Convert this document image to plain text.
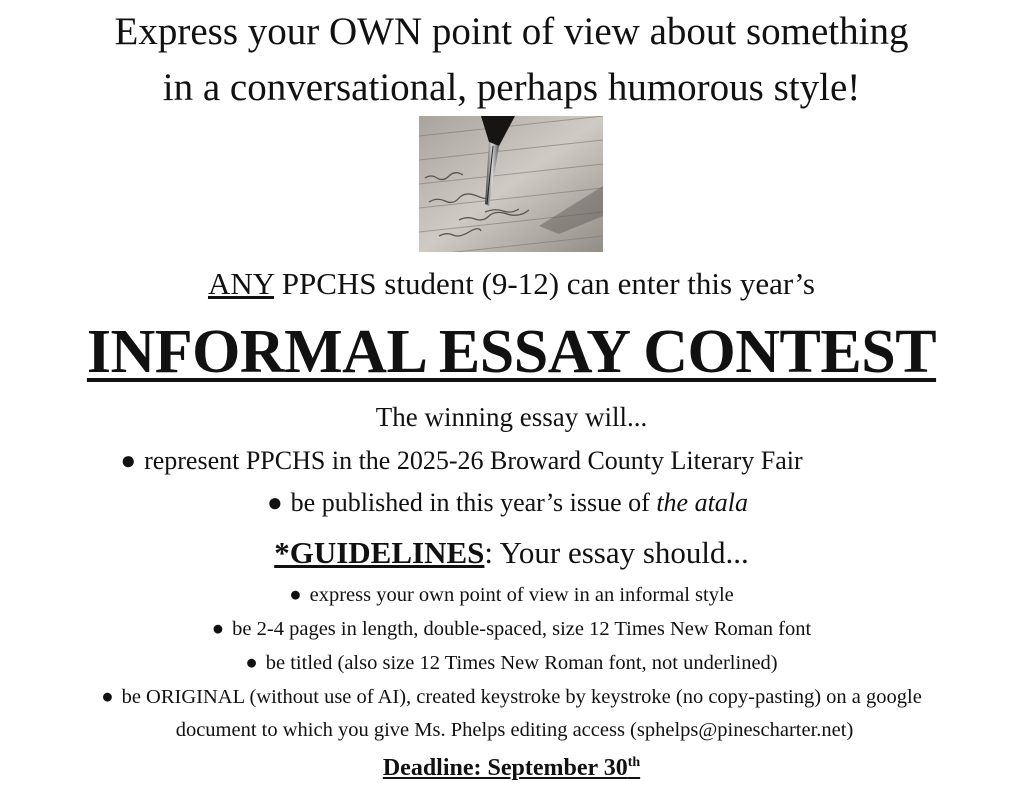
Express your OWN point of view about something
in a conversational, perhaps humorous style!
ANY PPCHS student (9-12) can enter this year’s
INFORMAL ESSAY CONTEST
The winning essay will...
● represent PPCHS in the 2025-26 Broward County Literary Fair
● be published in this year’s issue of the atala
*GUIDELINES: Your essay should...
● express your own point of view in an informal style
● be 2-4 pages in length, double-spaced, size 12 Times New Roman font
● be titled (also size 12 Times New Roman font, not underlined)
● be ORIGINAL (without use of AI), created keystroke by keystroke (no copy-pasting) on a google
document to which you give Ms. Phelps editing access (sphelps@pinescharter.net)
Deadline: September 30th
